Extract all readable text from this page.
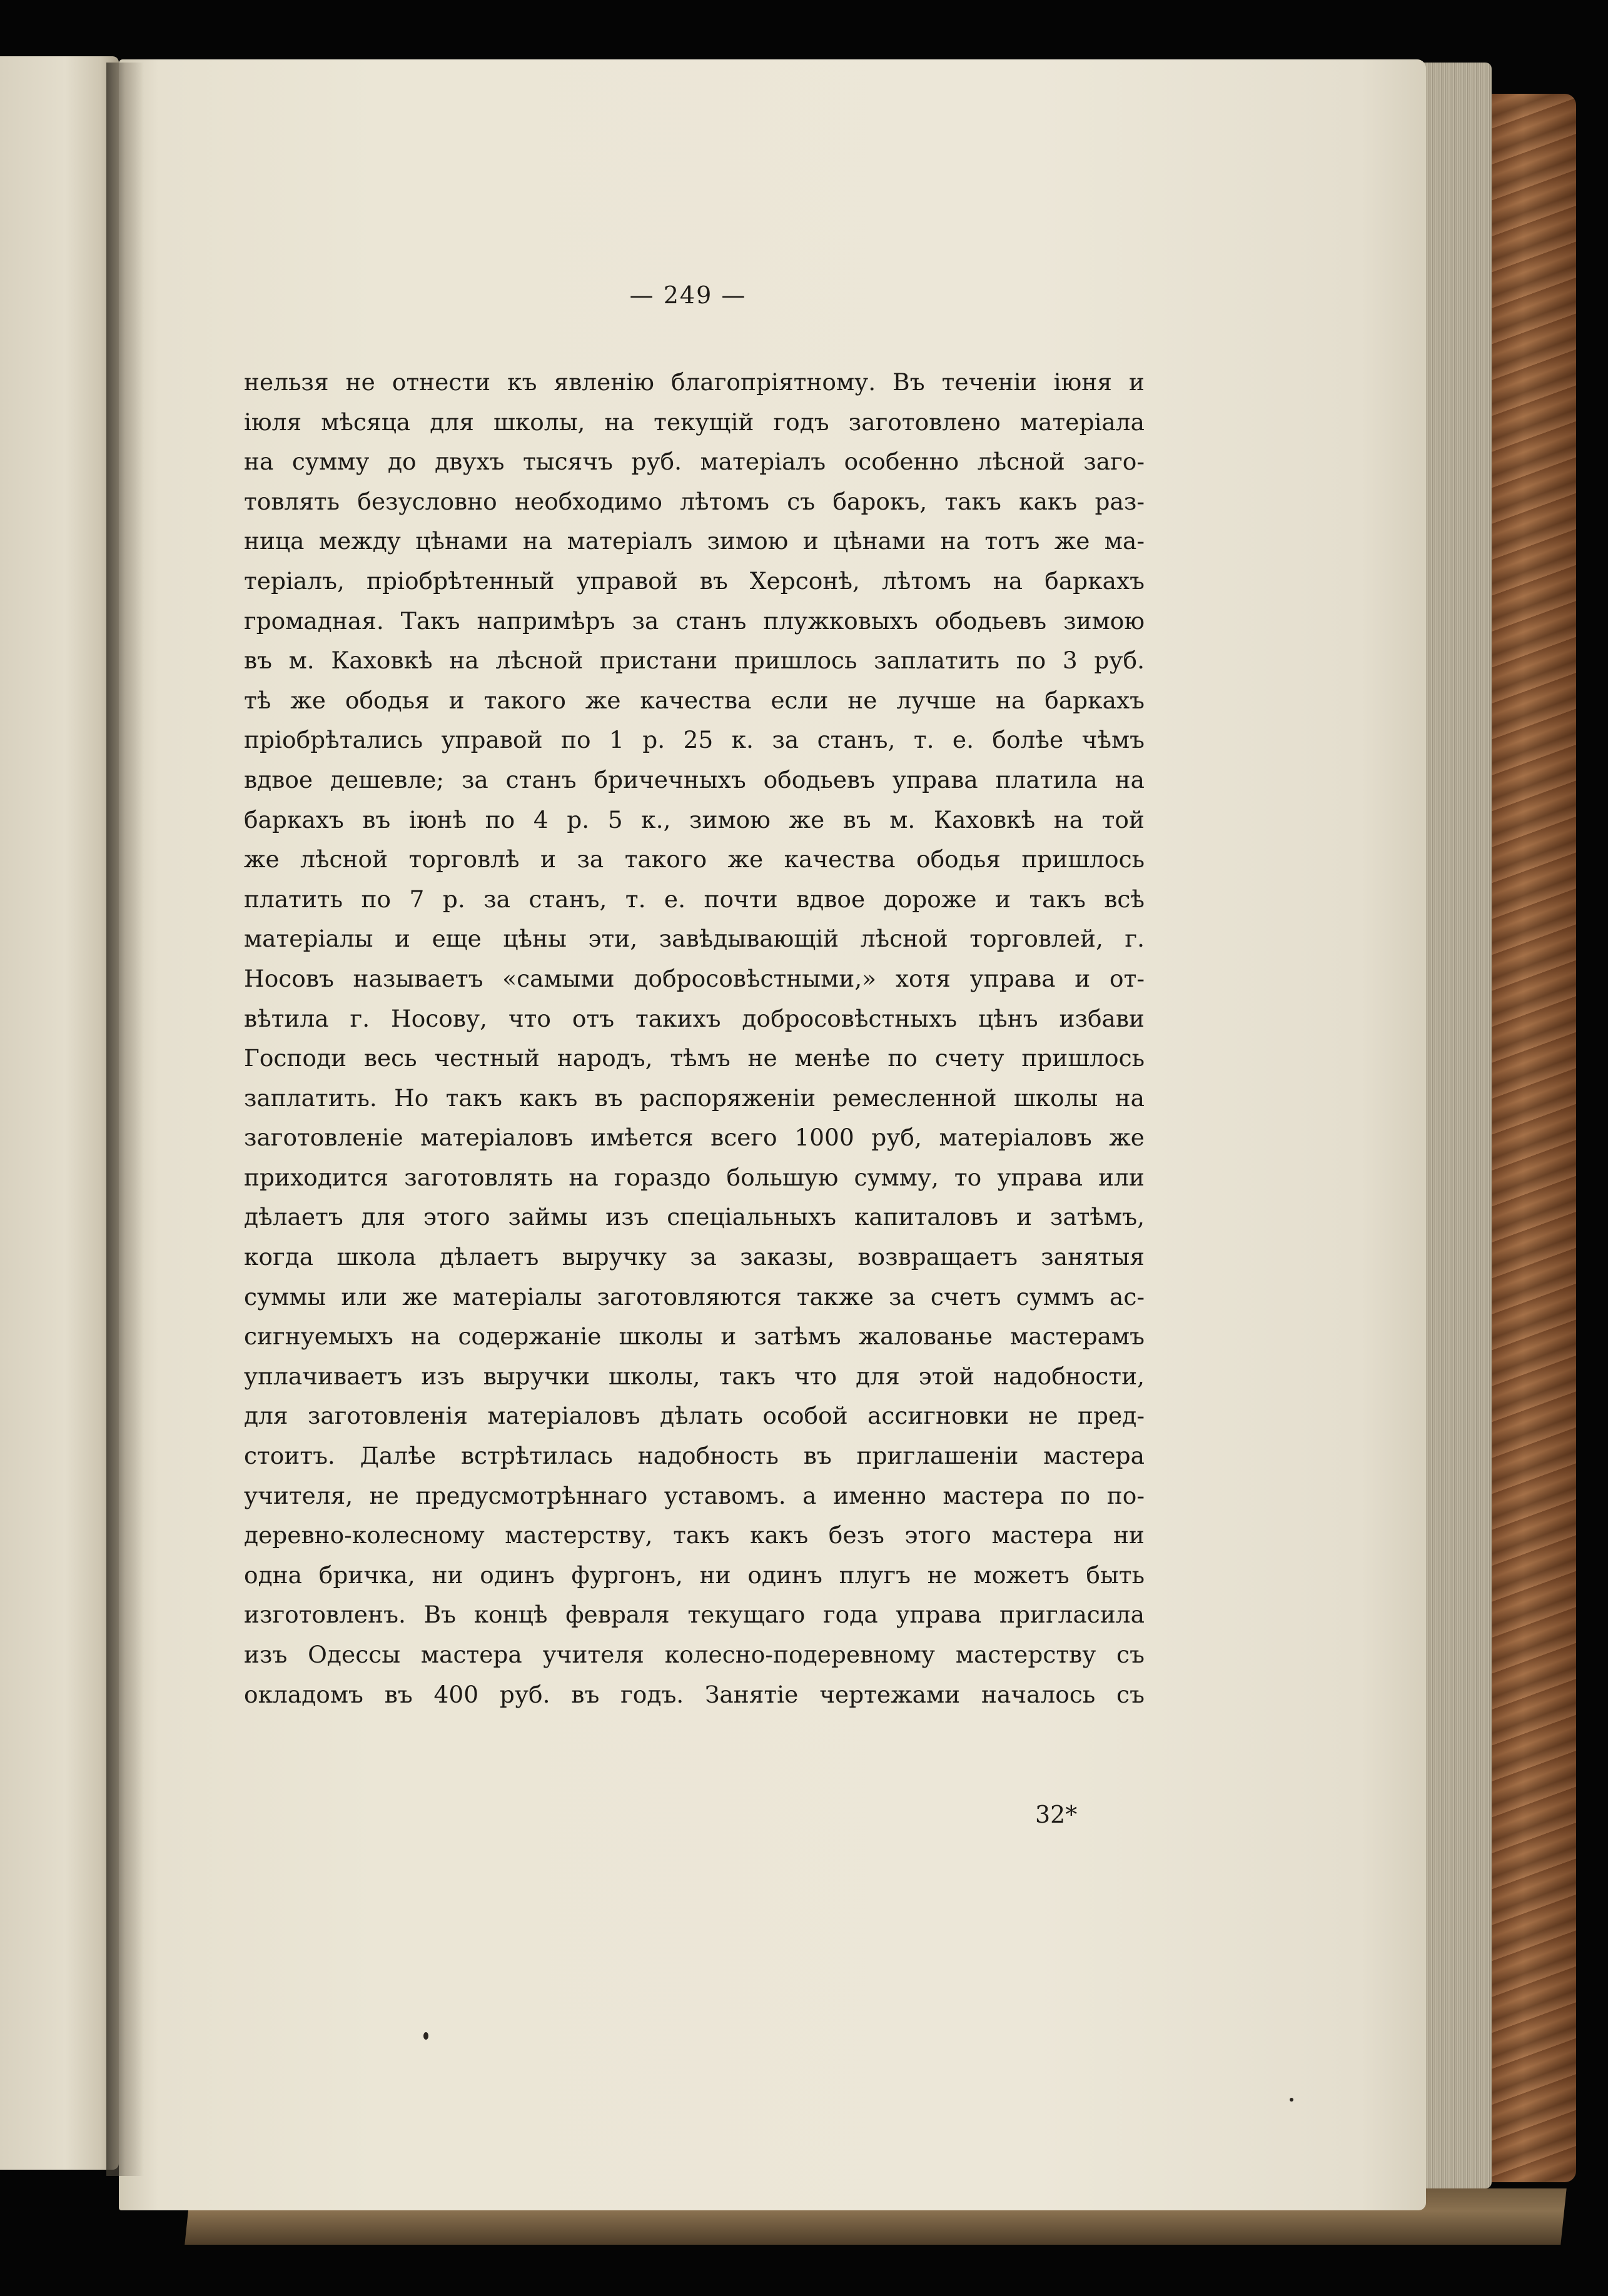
— 249 —
нельзя не отнести къ явленію благопріятному. Въ теченіи іюня и
іюля мѣсяца для школы, на текущій годъ заготовлено матеріала
на сумму до двухъ тысячъ руб. матеріалъ особенно лѣсной заго-
товлять безусловно необходимо лѣтомъ съ барокъ, такъ какъ раз-
ница между цѣнами на матеріалъ зимою и цѣнами на тотъ же ма-
теріалъ, пріобрѣтенный управой въ Херсонѣ, лѣтомъ на баркахъ
громадная. Такъ напримѣръ за станъ плужковыхъ ободьевъ зимою
въ м. Каховкѣ на лѣсной пристани пришлось заплатить по 3 руб.
тѣ же ободья и такого же качества если не лучше на баркахъ
пріобрѣтались управой по 1 р. 25 к. за станъ, т. е. болѣе чѣмъ
вдвое дешевле; за станъ бричечныхъ ободьевъ управа платила на
баркахъ въ іюнѣ по 4 р. 5 к., зимою же въ м. Каховкѣ на той
же лѣсной торговлѣ и за такого же качества ободья пришлось
платить по 7 р. за станъ, т. е. почти вдвое дороже и такъ всѣ
матеріалы и еще цѣны эти, завѣдывающій лѣсной торговлей, г.
Носовъ называетъ «самыми добросовѣстными,» хотя управа и от-
вѣтила г. Носову, что отъ такихъ добросовѣстныхъ цѣнъ избави
Господи весь честный народъ, тѣмъ не менѣе по счету пришлось
заплатить. Но такъ какъ въ распоряженіи ремесленной школы на
заготовленіе матеріаловъ имѣется всего 1000 руб, матеріаловъ же
приходится заготовлять на гораздо большую сумму, то управа или
дѣлаетъ для этого займы изъ спеціальныхъ капиталовъ и затѣмъ,
когда школа дѣлаетъ выручку за заказы, возвращаетъ занятыя
суммы или же матеріалы заготовляются также за счетъ суммъ ас-
сигнуемыхъ на содержаніе школы и затѣмъ жалованье мастерамъ
уплачиваетъ изъ выручки школы, такъ что для этой надобности,
для заготовленія матеріаловъ дѣлать особой ассигновки не пред-
стоитъ. Далѣе встрѣтилась надобность въ приглашеніи мастера
учителя, не предусмотрѣннаго уставомъ. а именно мастера по по-
деревно-колесному мастерству, такъ какъ безъ этого мастера ни
одна бричка, ни одинъ фургонъ, ни одинъ плугъ не можетъ быть
изготовленъ. Въ концѣ февраля текущаго года управа пригласила
изъ Одессы мастера учителя колесно-подеревному мастерству съ
окладомъ въ 400 руб. въ годъ. Занятіе чертежами началось съ
32*
